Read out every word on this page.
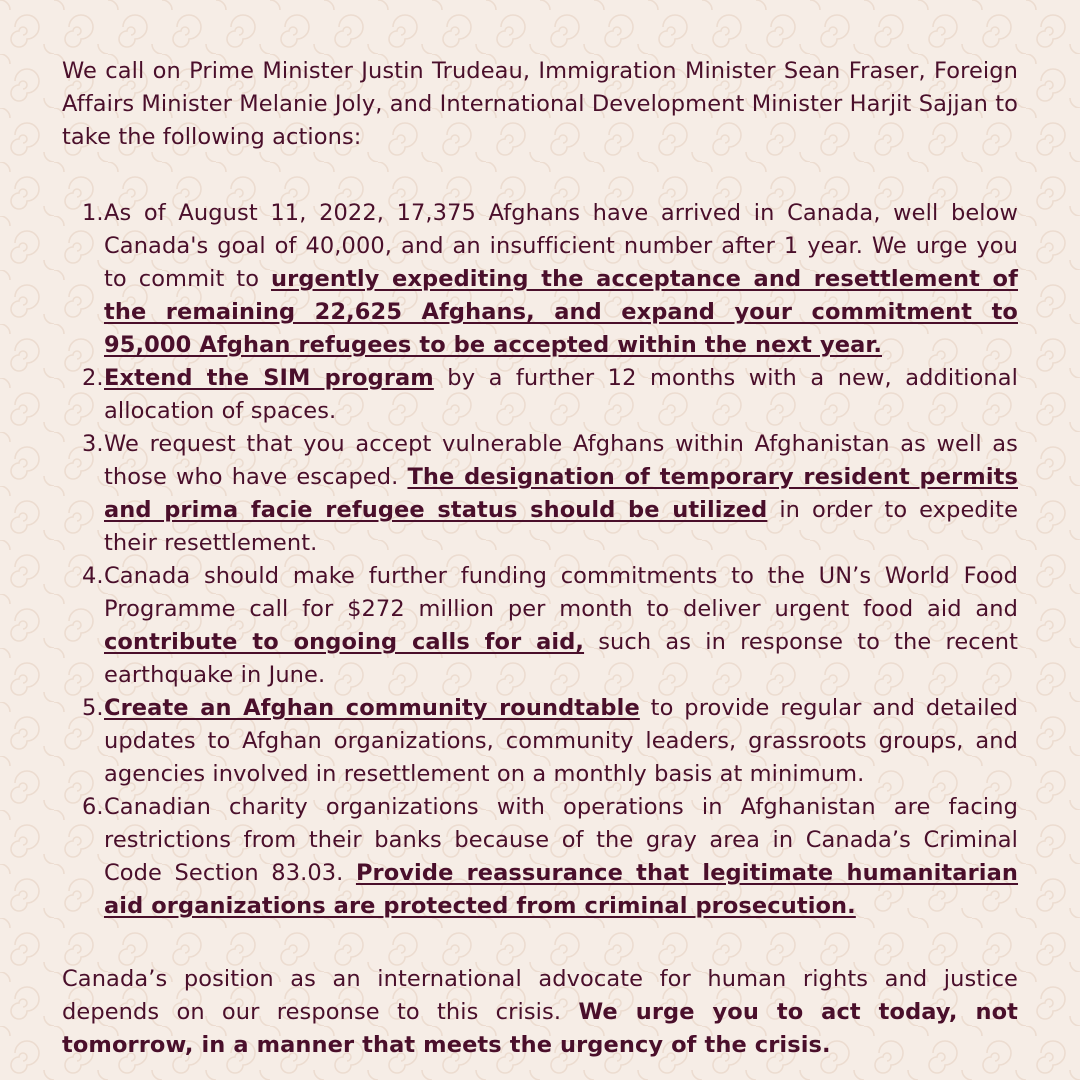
We call on Prime Minister Justin Trudeau, Immigration Minister Sean Fraser, Foreign Affairs Minister Melanie Joly, and International Development Minister Harjit Sajjan to take the following actions:

1. As of August 11, 2022, 17,375 Afghans have arrived in Canada, well below Canada's goal of 40,000, and an insufficient number after 1 year. We urge you to commit to urgently expediting the acceptance and resettlement of the remaining 22,625 Afghans, and expand your commitment to 95,000 Afghan refugees to be accepted within the next year.
2. Extend the SIM program by a further 12 months with a new, additional allocation of spaces.
3. We request that you accept vulnerable Afghans within Afghanistan as well as those who have escaped. The designation of temporary resident permits and prima facie refugee status should be utilized in order to expedite their resettlement.
4. Canada should make further funding commitments to the UN’s World Food Programme call for $272 million per month to deliver urgent food aid and contribute to ongoing calls for aid, such as in response to the recent earthquake in June.
5. Create an Afghan community roundtable to provide regular and detailed updates to Afghan organizations, community leaders, grassroots groups, and agencies involved in resettlement on a monthly basis at minimum.
6. Canadian charity organizations with operations in Afghanistan are facing restrictions from their banks because of the gray area in Canada’s Criminal Code Section 83.03. Provide reassurance that legitimate humanitarian aid organizations are protected from criminal prosecution.

Canada’s position as an international advocate for human rights and justice depends on our response to this crisis. We urge you to act today, not tomorrow, in a manner that meets the urgency of the crisis.
